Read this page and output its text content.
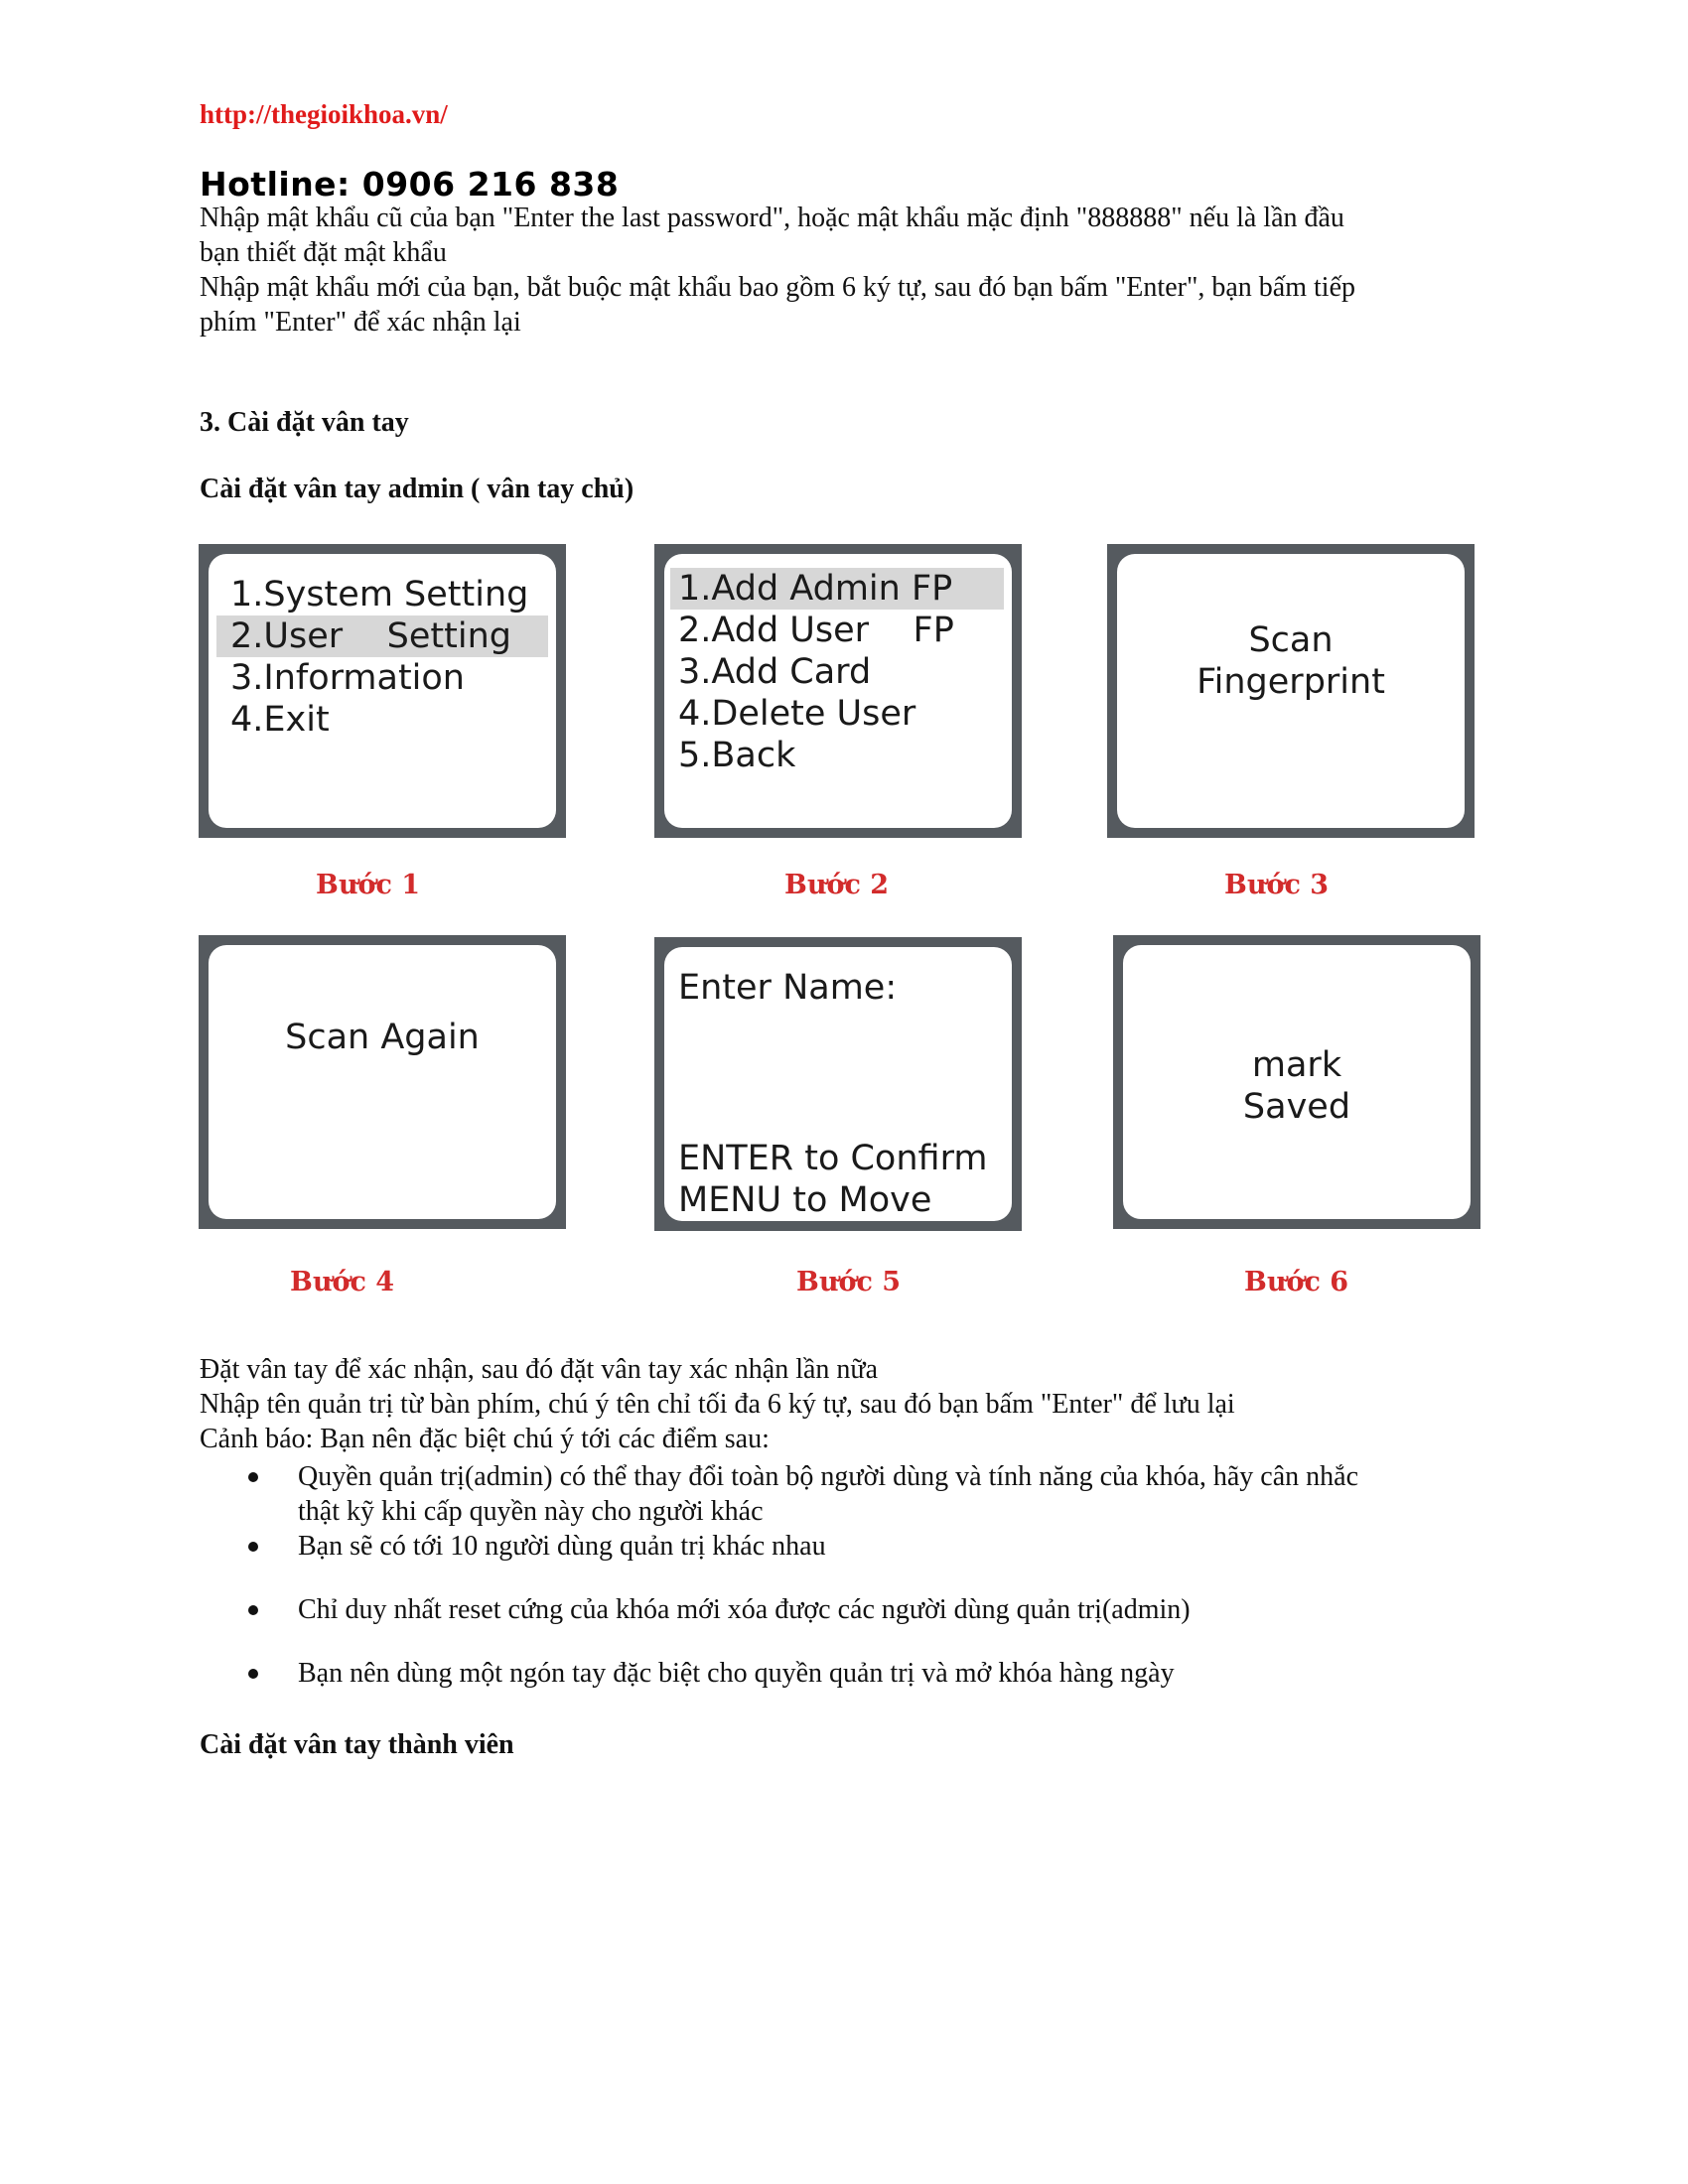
http://thegioikhoa.vn/
Hotline: 0906 216 838
Nhập mật khẩu cũ của bạn "Enter the last password", hoặc mật khẩu mặc định "888888" nếu là lần đầu
bạn thiết đặt mật khẩu
Nhập mật khẩu mới của bạn, bắt buộc mật khẩu bao gồm 6 ký tự, sau đó bạn bấm "Enter", bạn bấm tiếp
phím "Enter" để xác nhận lại
3. Cài đặt vân tay
Cài đặt vân tay admin ( vân tay chủ)
1.System Setting
2.User    Setting
3.Information
4.Exit
Bước 1
1.Add Admin FP
2.Add User    FP
3.Add Card
4.Delete User
5.Back
Bước 2
Scan
Fingerprint
Bước 3
Scan Again
Bước 4
Enter Name:
ENTER to Confirm
MENU to Move
Bước 5
mark
Saved
Bước 6
Đặt vân tay để xác nhận, sau đó đặt vân tay xác nhận lần nữa
Nhập tên quản trị từ bàn phím, chú ý tên chỉ tối đa 6 ký tự, sau đó bạn bấm "Enter" để lưu lại
Cảnh báo: Bạn nên đặc biệt chú ý tới các điểm sau:
Quyền quản trị(admin) có thể thay đổi toàn bộ người dùng và tính năng của khóa, hãy cân nhắc
thật kỹ khi cấp quyền này cho người khác
Bạn sẽ có tới 10 người dùng quản trị khác nhau
Chỉ duy nhất reset cứng của khóa mới xóa được các người dùng quản trị(admin)
Bạn nên dùng một ngón tay đặc biệt cho quyền quản trị và mở khóa hàng ngày
Cài đặt vân tay thành viên
